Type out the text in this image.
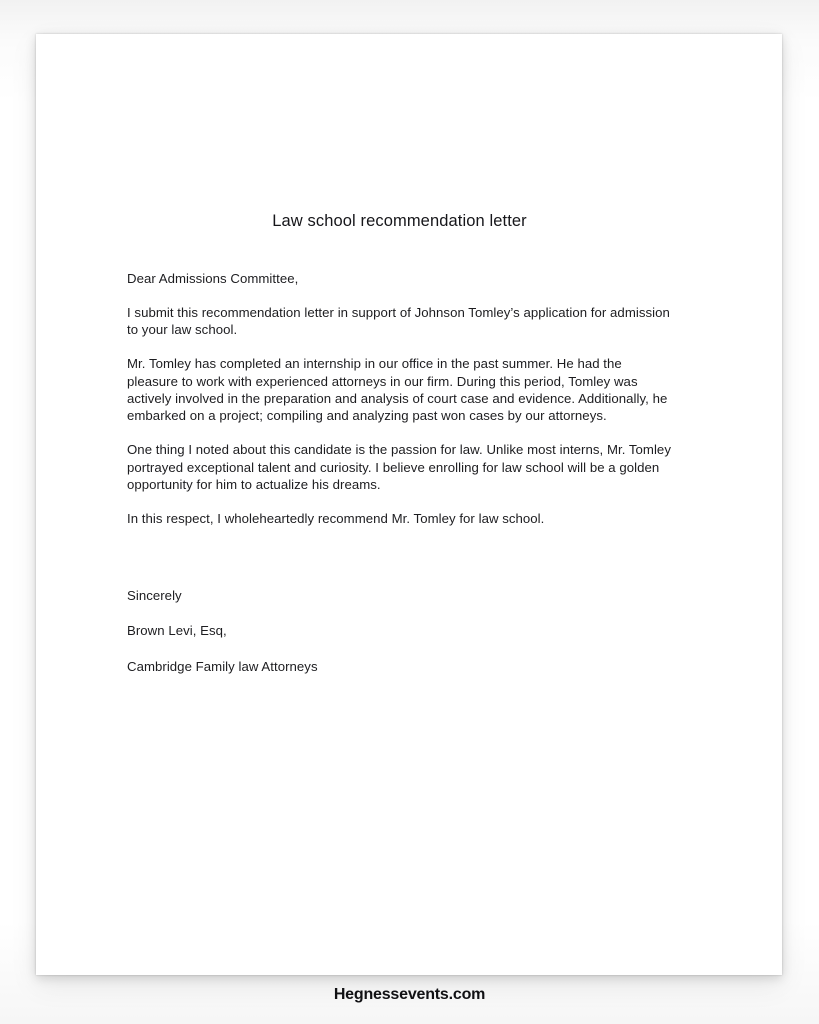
Law school recommendation letter

Dear Admissions Committee,

I submit this recommendation letter in support of Johnson Tomley’s application for admission to your law school.

Mr. Tomley has completed an internship in our office in the past summer. He had the pleasure to work with experienced attorneys in our firm. During this period, Tomley was actively involved in the preparation and analysis of court case and evidence. Additionally, he embarked on a project; compiling and analyzing past won cases by our attorneys.

One thing I noted about this candidate is the passion for law. Unlike most interns, Mr. Tomley portrayed exceptional talent and curiosity. I believe enrolling for law school will be a golden opportunity for him to actualize his dreams.

In this respect, I wholeheartedly recommend Mr. Tomley for law school.

Sincerely

Brown Levi, Esq,

Cambridge Family law Attorneys

Hegnessevents.com
